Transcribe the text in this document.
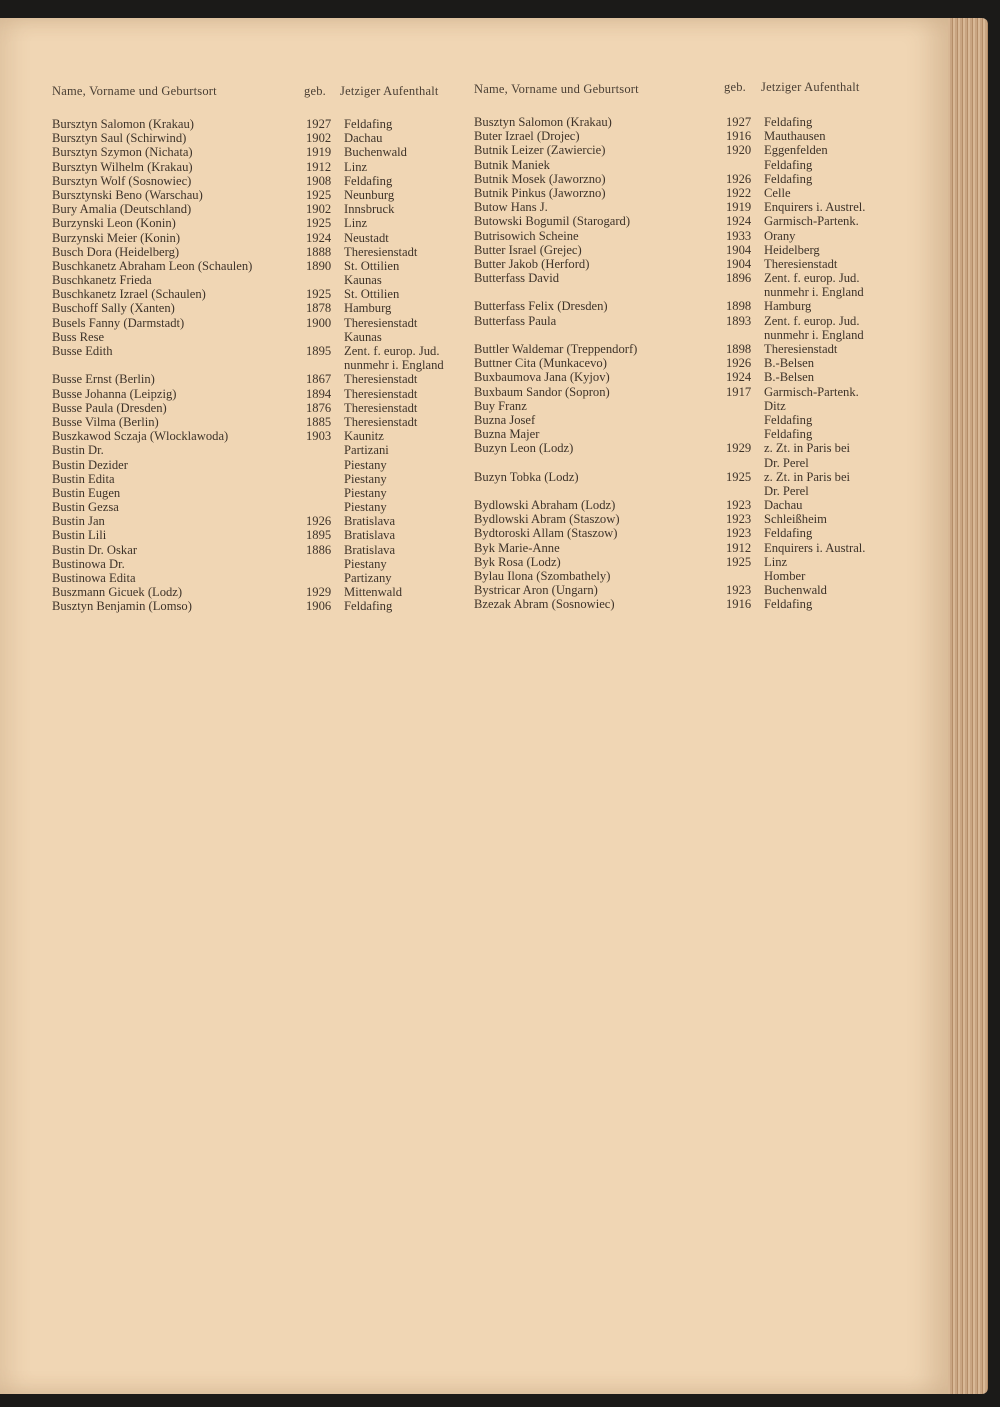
Name, Vorname und Geburtsort	geb. Jetziger Aufenthalt	Name, Vorname und Geburtsort	geb. Jetziger Aufenthalt
Bursztyn Salomon (Krakau)	1927 Feldafing
Bursztyn Saul (Schirwind)	1902 Dachau
Bursztyn Szymon (Nichata)	1919 Buchenwald
Bursztyn Wilhelm (Krakau)	1912 Linz
Bursztyn Wolf (Sosnowiec)	1908 Feldafing
Bursztynski Beno (Warschau)	1925 Neunburg
Bury Amalia (Deutschland)	1902 Innsbruck
Burzynski Leon (Konin)	1925 Linz
Burzynski Meier (Konin)	1924 Neustadt
Busch Dora (Heidelberg)	1888 Theresienstadt
Buschkanetz Abraham Leon (Schaulen)	1890 St. Ottilien
Buschkanetz Frieda	Kaunas
Buschkanetz Izrael (Schaulen)	1925 St. Ottilien
Buschoff Sally (Xanten)	1878 Hamburg
Busels Fanny (Darmstadt)	1900 Theresienstadt
Buss Rese	Kaunas
Busse Edith	1895 Zent. f. europ. Jud.
nunmehr i. England
Busse Ernst (Berlin)	1867 Theresienstadt
Busse Johanna (Leipzig)	1894 Theresienstadt
Busse Paula (Dresden)	1876 Theresienstadt
Busse Vilma (Berlin)	1885 Theresienstadt
Buszkawod Sczaja (Wlocklawoda)	1903 Kaunitz
Bustin Dr.	Partizani
Bustin Dezider	Piestany
Bustin Edita	Piestany
Bustin Eugen	Piestany
Bustin Gezsa	Piestany
Bustin Jan	1926 Bratislava
Bustin Lili	1895 Bratislava
Bustin Dr. Oskar	1886 Bratislava
Bustinowa Dr.	Piestany
Bustinowa Edita	Partizany
Buszmann Gicuek (Lodz)	1929 Mittenwald
Busztyn Benjamin (Lomso)	1906 Feldafing
Busztyn Salomon (Krakau)	1927 Feldafing
Buter Izrael (Drojec)	1916 Mauthausen
Butnik Leizer (Zawiercie)	1920 Eggenfelden
Butnik Maniek	Feldafing
Butnik Mosek (Jaworzno)	1926 Feldafing
Butnik Pinkus (Jaworzno)	1922 Celle
Butow Hans J.	1919 Enquirers i. Austrel.
Butowski Bogumil (Starogard)	1924 Garmisch-Partenk.
Butrisowich Scheine	1933 Orany
Butter Israel (Grejec)	1904 Heidelberg
Butter Jakob (Herford)	1904 Theresienstadt
Butterfass David	1896 Zent. f. europ. Jud.
nunmehr i. England
Butterfass Felix (Dresden)	1898 Hamburg
Butterfass Paula	1893 Zent. f. europ. Jud.
nunmehr i. England
Buttler Waldemar (Treppendorf)	1898 Theresienstadt
Buttner Cita (Munkacevo)	1926 B.-Belsen
Buxbaumova Jana (Kyjov)	1924 B.-Belsen
Buxbaum Sandor (Sopron)	1917 Garmisch-Partenk.
Buy Franz	Ditz
Buzna Josef	Feldafing
Buzna Majer	Feldafing
Buzyn Leon (Lodz)	1929 z. Zt. in Paris bei
Dr. Perel
Buzyn Tobka (Lodz)	1925 z. Zt. in Paris bei
Dr. Perel
Bydlowski Abraham (Lodz)	1923 Dachau
Bydlowski Abram (Staszow)	1923 Schleißheim
Bydtoroski Allam (Staszow)	1923 Feldafing
Byk Marie-Anne	1912 Enquirers i. Austral.
Byk Rosa (Lodz)	1925 Linz
Bylau Ilona (Szombathely)	Homber
Bystricar Aron (Ungarn)	1923 Buchenwald
Bzezak Abram (Sosnowiec)	1916 Feldafing
